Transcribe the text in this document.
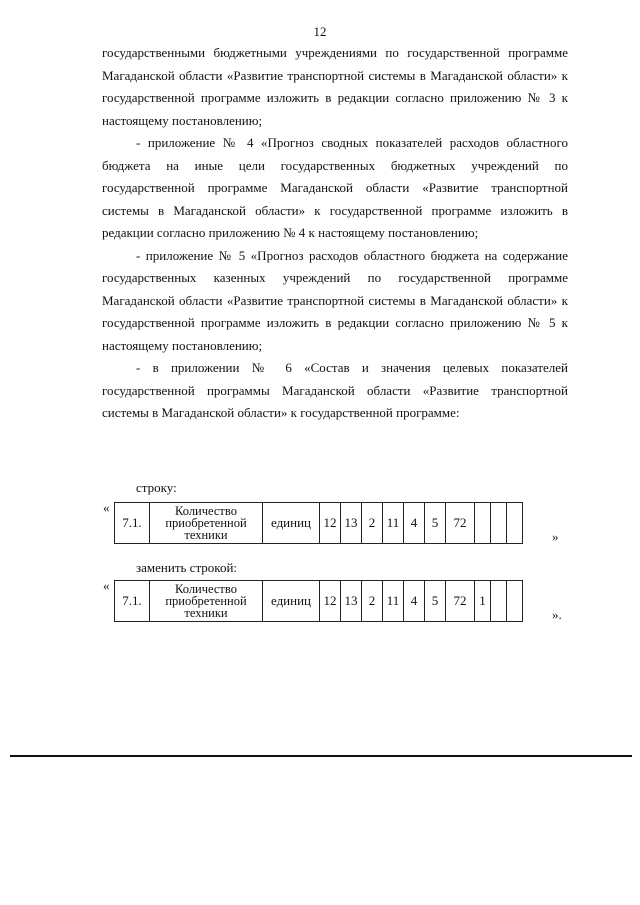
12

государственными бюджетными учреждениями по государственной программе Магаданской области «Развитие транспортной системы в Магаданской области» к государственной программе изложить в редакции согласно приложению № 3 к настоящему постановлению;

- приложение № 4 «Прогноз сводных показателей расходов областного бюджета на иные цели государственных бюджетных учреждений по государственной программе Магаданской области «Развитие транспортной системы в Магаданской области» к государственной программе изложить в редакции согласно приложению № 4 к настоящему постановлению;

- приложение № 5 «Прогноз расходов областного бюджета на содержание государственных казенных учреждений по государственной программе Магаданской области «Развитие транспортной системы в Магаданской области» к государственной программе изложить в редакции согласно приложению № 5 к настоящему постановлению;

- в приложении № 6 «Состав и значения целевых показателей государственной программы Магаданской области «Развитие транспортной системы в Магаданской области» к государственной программе:

строку:
«
7.1.	Количество приобретенной техники	единиц	12	13	2	11	4	5	72			
»
заменить строкой:
«
7.1.	Количество приобретенной техники	единиц	12	13	2	11	4	5	72	1		
».
